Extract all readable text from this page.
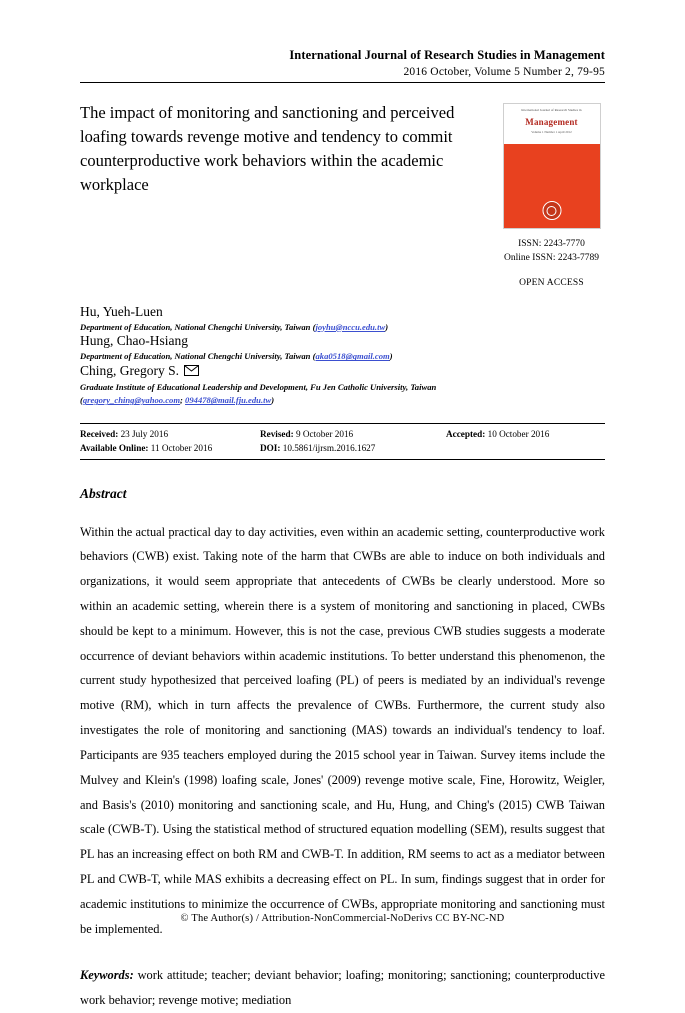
International Journal of Research Studies in Management
2016 October, Volume 5 Number 2, 79-95
The impact of monitoring and sanctioning and perceived loafing towards revenge motive and tendency to commit counterproductive work behaviors within the academic workplace
International Journal of Research Studies in
Management
Volume 1 Number 1 April 2012
ISSN: 2243-7770
Online ISSN: 2243-7789
OPEN ACCESS
Hu, Yueh-Luen
Department of Education, National Chengchi University, Taiwan (joyhu@nccu.edu.tw)
Hung, Chao-Hsiang
Department of Education, National Chengchi University, Taiwan (aka0518@gmail.com)
Ching, Gregory S.
Graduate Institute of Educational Leadership and Development, Fu Jen Catholic University, Taiwan
(gregory_ching@yahoo.com; 094478@mail.fju.edu.tw)
Received: 23 July 2016
Available Online: 11 October 2016
Revised: 9 October 2016
DOI: 10.5861/ijrsm.2016.1627
Accepted: 10 October 2016
Abstract
Within the actual practical day to day activities, even within an academic setting, counterproductive work behaviors (CWB) exist. Taking note of the harm that CWBs are able to induce on both individuals and organizations, it would seem appropriate that antecedents of CWBs be clearly understood. More so within an academic setting, wherein there is a system of monitoring and sanctioning in placed, CWBs should be kept to a minimum. However, this is not the case, previous CWB studies suggests a moderate occurrence of deviant behaviors within academic institutions. To better understand this phenomenon, the current study hypothesized that perceived loafing (PL) of peers is mediated by an individual's revenge motive (RM), which in turn affects the prevalence of CWBs. Furthermore, the current study also investigates the role of monitoring and sanctioning (MAS) towards an individual's tendency to loaf. Participants are 935 teachers employed during the 2015 school year in Taiwan. Survey items include the Mulvey and Klein's (1998) loafing scale, Jones' (2009) revenge motive scale, Fine, Horowitz, Weigler, and Basis's (2010) monitoring and sanctioning scale, and Hu, Hung, and Ching's (2015) CWB Taiwan scale (CWB-T). Using the statistical method of structured equation modelling (SEM), results suggest that PL has an increasing effect on both RM and CWB-T. In addition, RM seems to act as a mediator between PL and CWB-T, while MAS exhibits a decreasing effect on PL. In sum, findings suggest that in order for academic institutions to minimize the occurrence of CWBs, appropriate monitoring and sanctioning must be implemented.
Keywords: work attitude; teacher; deviant behavior; loafing; monitoring; sanctioning; counterproductive work behavior; revenge motive; mediation
© The Author(s) / Attribution-NonCommercial-NoDerivs CC BY-NC-ND
